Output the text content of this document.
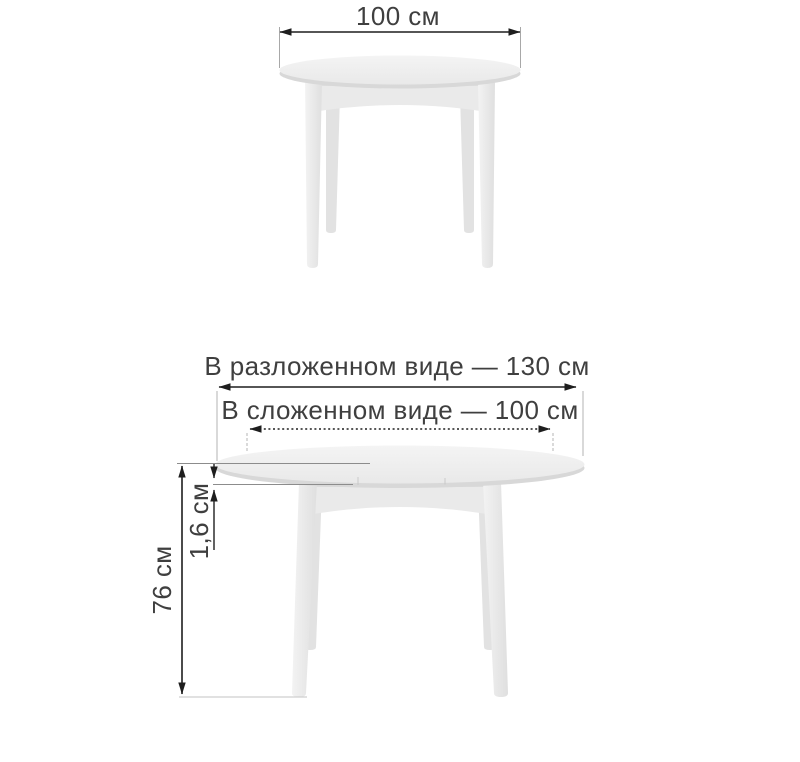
100 см
В разложенном виде — 130 см
В сложенном виде — 100 см
76 см
1,6 см
